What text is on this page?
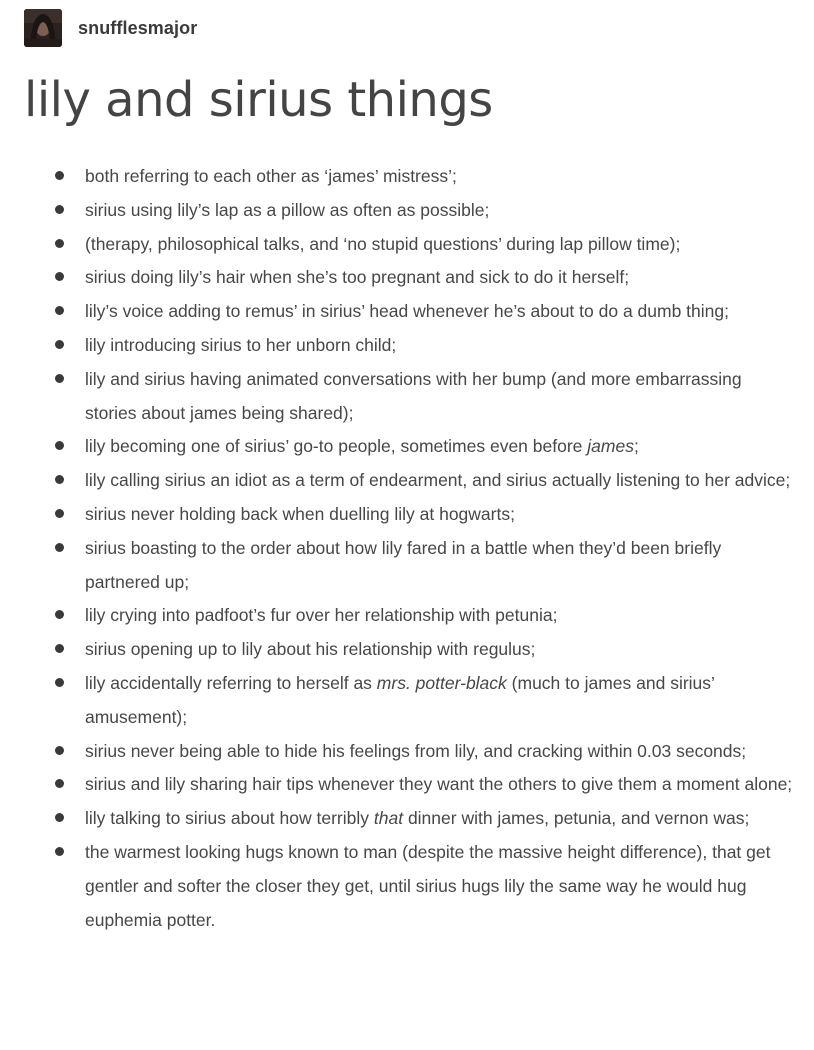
snufflesmajor
lily and sirius things
both referring to each other as ‘james’ mistress’;
sirius using lily’s lap as a pillow as often as possible;
(therapy, philosophical talks, and ‘no stupid questions’ during lap pillow time);
sirius doing lily’s hair when she’s too pregnant and sick to do it herself;
lily’s voice adding to remus’ in sirius’ head whenever he’s about to do a dumb thing;
lily introducing sirius to her unborn child;
lily and sirius having animated conversations with her bump (and more embarrassing stories about james being shared);
lily becoming one of sirius’ go-to people, sometimes even before james;
lily calling sirius an idiot as a term of endearment, and sirius actually listening to her advice;
sirius never holding back when duelling lily at hogwarts;
sirius boasting to the order about how lily fared in a battle when they’d been briefly partnered up;
lily crying into padfoot’s fur over her relationship with petunia;
sirius opening up to lily about his relationship with regulus;
lily accidentally referring to herself as mrs. potter-black (much to james and sirius’ amusement);
sirius never being able to hide his feelings from lily, and cracking within 0.03 seconds;
sirius and lily sharing hair tips whenever they want the others to give them a moment alone;
lily talking to sirius about how terribly that dinner with james, petunia, and vernon was;
the warmest looking hugs known to man (despite the massive height difference), that get gentler and softer the closer they get, until sirius hugs lily the same way he would hug euphemia potter.
